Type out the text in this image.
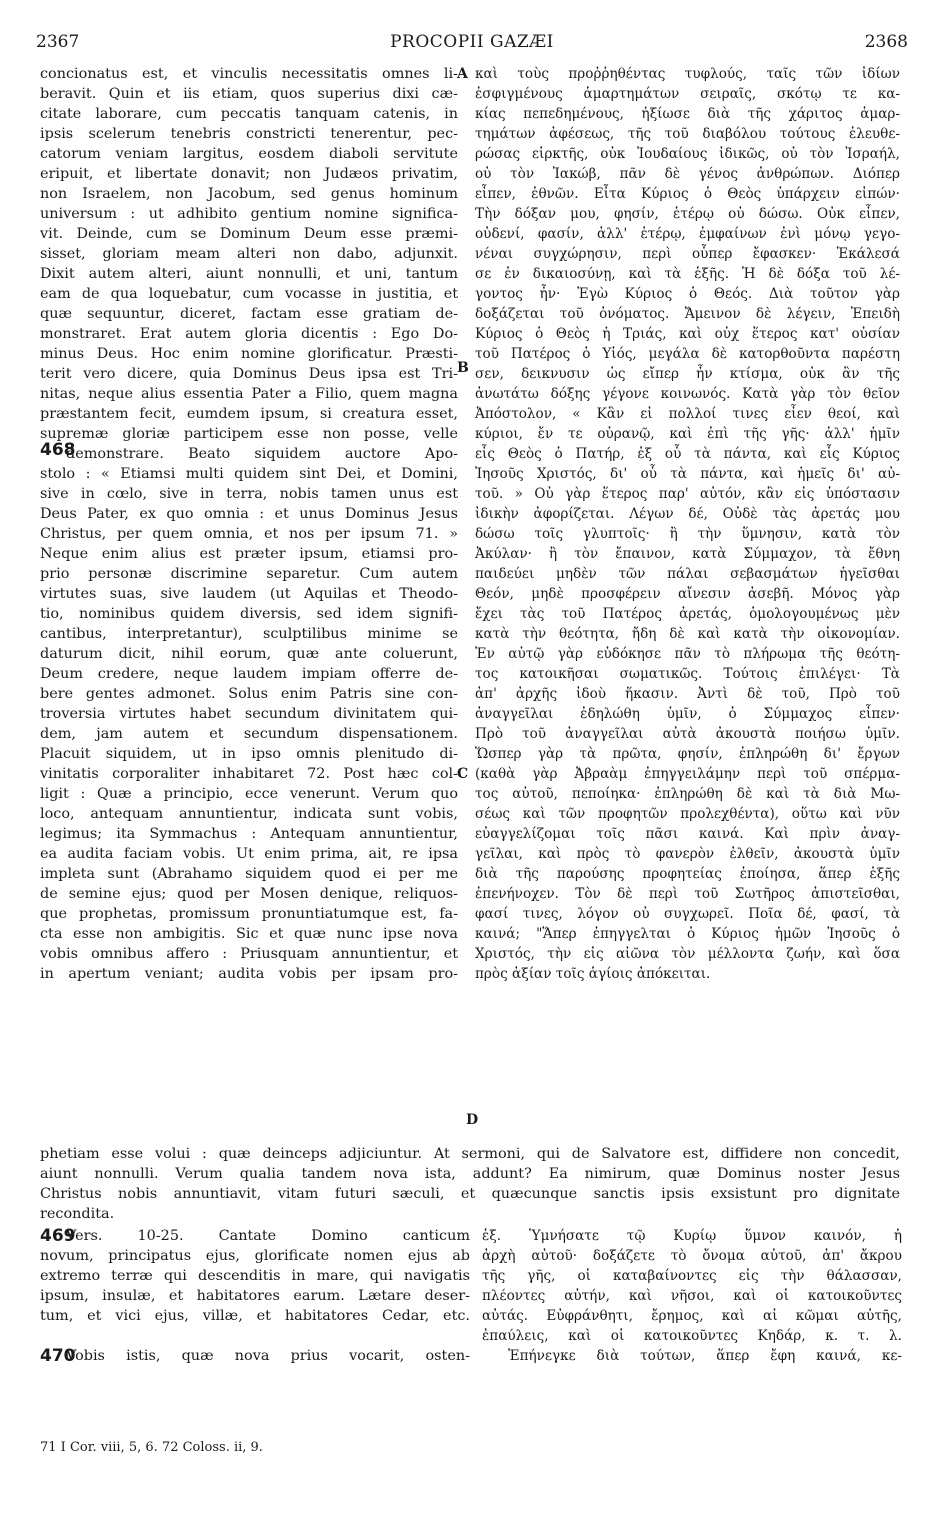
2367	PROCOPII GAZÆI	2368
concionatus est, et vinculis necessitatis omnes li-
beravit. Quin et iis etiam, quos superius dixi cæ-
citate laborare, cum peccatis tanquam catenis, in
ipsis scelerum tenebris constricti tenerentur, pec-
catorum veniam largitus, eosdem diaboli servitute
eripuit, et libertate donavit; non Judæos privatim,
non Israelem, non Jacobum, sed genus hominum
universum : ut adhibito gentium nomine significa-
vit. Deinde, cum se Dominum Deum esse præmi-
sisset, gloriam meam alteri non dabo, adjunxit.
Dixit autem alteri, aiunt nonnulli, et uni, tantum
eam de qua loquebatur, cum vocasse in justitia, et
quæ sequuntur, diceret, factam esse gratiam de-
monstraret. Erat autem gloria dicentis : Ego Do-
minus Deus. Hoc enim nomine glorificatur. Præsti-
terit vero dicere, quia Dominus Deus ipsa est Tri-
nitas, neque alius essentia Pater a Filio, quem magna
præstantem fecit, eumdem ipsum, si creatura esset,
supremæ gloriæ participem esse non posse, velle
demonstrare. Beato siquidem auctore Apo-
stolo : « Etiamsi multi quidem sint Dei, et Domini,
sive in cœlo, sive in terra, nobis tamen unus est
Deus Pater, ex quo omnia : et unus Dominus Jesus
Christus, per quem omnia, et nos per ipsum 71. »
Neque enim alius est præter ipsum, etiamsi pro-
prio personæ discrimine separetur. Cum autem
virtutes suas, sive laudem (ut Aquilas et Theodo-
tio, nominibus quidem diversis, sed idem signifi-
cantibus, interpretantur), sculptilibus minime se
daturum dicit, nihil eorum, quæ ante coluerunt,
Deum credere, neque laudem impiam offerre de-
bere gentes admonet. Solus enim Patris sine con-
troversia virtutes habet secundum divinitatem qui-
dem, jam autem et secundum dispensationem.
Placuit siquidem, ut in ipso omnis plenitudo di-
vinitatis corporaliter inhabitaret 72. Post hæc col-
ligit : Quæ a principio, ecce venerunt. Verum quo
loco, antequam annuntientur, indicata sunt vobis,
legimus; ita Symmachus : Antequam annuntientur,
ea audita faciam vobis. Ut enim prima, ait, re ipsa
impleta sunt (Abrahamo siquidem quod ei per me
de semine ejus; quod per Mosen denique, reliquos-
que prophetas, promissum pronuntiatumque est, fa-
cta esse non ambigitis. Sic et quæ nunc ipse nova
vobis omnibus affero : Priusquam annuntientur, et
in apertum veniant; audita vobis per ipsam pro-
καὶ τοὺς προῤῥηθέντας τυφλούς, ταῖς τῶν ἰδίων
ἐσφιγμένους ἁμαρτημάτων σειραῖς, σκότῳ τε κα-
κίας πεπεδημένους, ἠξίωσε διὰ τῆς χάριτος ἁμαρ-
τημάτων ἀφέσεως, τῆς τοῦ διαβόλου τούτους ἐλευθε-
ρώσας εἱρκτῆς, οὐκ Ἰουδαίους ἰδικῶς, οὐ τὸν Ἰσραήλ,
οὐ τὸν Ἰακώβ, πᾶν δὲ γένος ἀνθρώπων. Διόπερ
εἶπεν, ἐθνῶν. Εἶτα Κύριος ὁ Θεὸς ὑπάρχειν εἰπών·
Τὴν δόξαν μου, φησίν, ἑτέρῳ οὐ δώσω. Οὐκ εἶπεν,
οὐδενί, φασίν, ἀλλ' ἑτέρῳ, ἐμφαίνων ἐνὶ μόνῳ γεγο-
νέναι συγχώρησιν, περὶ οὗπερ ἔφασκεν· Ἐκάλεσά
σε ἐν δικαιοσύνῃ, καὶ τὰ ἑξῆς. Ἡ δὲ δόξα τοῦ λέ-
γοντος ἦν· Ἐγὼ Κύριος ὁ Θεός. Διὰ τοῦτον γὰρ
δοξάζεται τοῦ ὀνόματος. Ἄμεινον δὲ λέγειν, Ἐπειδὴ
Κύριος ὁ Θεὸς ἡ Τριάς, καὶ οὐχ ἕτερος κατ' οὐσίαν
τοῦ Πατέρος ὁ Υἱός, μεγάλα δὲ κατορθοῦντα παρέστη
σεν, δεικνυσιν ὡς εἴπερ ἦν κτίσμα, οὐκ ἂν τῆς
ἀνωτάτω δόξης γέγονε κοινωνός. Κατὰ γὰρ τὸν θεῖον
Ἀπόστολον, « Κἂν εἰ πολλοί τινες εἶεν θεοί, καὶ
κύριοι, ἔν τε οὐρανῷ, καὶ ἐπὶ τῆς γῆς· ἀλλ' ἡμῖν
εἷς Θεὸς ὁ Πατήρ, ἐξ οὗ τὰ πάντα, καὶ εἷς Κύριος
Ἰησοῦς Χριστός, δι' οὗ τὰ πάντα, καὶ ἡμεῖς δι' αὐ-
τοῦ. » Οὐ γὰρ ἕτερος παρ' αὐτόν, κἂν εἰς ὑπόστασιν
ἰδικὴν ἀφορίζεται. Λέγων δέ, Οὐδὲ τὰς ἀρετάς μου
δώσω τοῖς γλυπτοῖς· ἢ τὴν ὕμνησιν, κατὰ τὸν
Ἀκύλαν· ἢ τὸν ἔπαινον, κατὰ Σύμμαχον, τὰ ἔθνη
παιδεύει μηδὲν τῶν πάλαι σεβασμάτων ἡγεῖσθαι
Θεόν, μηδὲ προσφέρειν αἴνεσιν ἀσεβῆ. Μόνος γὰρ
ἔχει τὰς τοῦ Πατέρος ἀρετάς, ὁμολογουμένως μὲν
κατὰ τὴν θεότητα, ἤδη δὲ καὶ κατὰ τὴν οἰκονομίαν.
Ἐν αὐτῷ γὰρ εὐδόκησε πᾶν τὸ πλήρωμα τῆς θεότη-
τος κατοικῆσαι σωματικῶς. Τούτοις ἐπιλέγει· Τὰ
ἀπ' ἀρχῆς ἰδοὺ ἥκασιν. Ἀντὶ δὲ τοῦ, Πρὸ τοῦ
ἀναγγεῖλαι ἐδηλώθη ὑμῖν, ὁ Σύμμαχος εἶπεν·
Πρὸ τοῦ ἀναγγεῖλαι αὐτὰ ἀκουστὰ ποιήσω ὑμῖν.
Ὥσπερ γὰρ τὰ πρῶτα, φησίν, ἐπληρώθη δι' ἔργων
(καθὰ γὰρ Ἀβραὰμ ἐπηγγειλάμην περὶ τοῦ σπέρμα-
τος αὐτοῦ, πεποίηκα· ἐπληρώθη δὲ καὶ τὰ διὰ Μω-
σέως καὶ τῶν προφητῶν προλεχθέντα), οὕτω καὶ νῦν
εὐαγγελίζομαι τοῖς πᾶσι καινά. Καὶ πρὶν ἀναγ-
γεῖλαι, καὶ πρὸς τὸ φανερὸν ἐλθεῖν, ἀκουστὰ ὑμῖν
διὰ τῆς παρούσης προφητείας ἐποίησα, ἅπερ ἑξῆς
ἐπενήνοχεν. Τὸν δὲ περὶ τοῦ Σωτῆρος ἀπιστεῖσθαι,
φασί τινες, λόγον οὐ συγχωρεῖ. Ποῖα δέ, φασί, τὰ
καινά; "Ἅπερ ἐπηγγελται ὁ Κύριος ἡμῶν Ἰησοῦς ὁ
Χριστός, τὴν εἰς αἰῶνα τὸν μέλλοντα ζωήν, καὶ ὅσα
πρὸς ἀξίαν τοῖς ἁγίοις ἀπόκειται.
A
B
C
D
468
phetiam esse volui : quæ deinceps adjiciuntur. At sermoni, qui de Salvatore est, diffidere non concedit,
aiunt nonnulli. Verum qualia tandem nova ista, addunt? Ea nimirum, quæ Dominus noster Jesus
Christus nobis annuntiavit, vitam futuri sæculi, et quæcunque sanctis ipsis exsistunt pro dignitate
recondita.
469
Vers. 10-25. Cantate Domino canticum
novum, principatus ejus, glorificate nomen ejus ab
extremo terræ qui descenditis in mare, qui navigatis
ipsum, insulæ, et habitatores earum. Lætare deser-
tum, et vici ejus, villæ, et habitatores Cedar, etc.
Vobis istis, quæ nova prius vocarit, osten-
ἑξ. Ὑμνήσατε τῷ Κυρίῳ ὕμνον καινόν, ἡ
ἀρχὴ αὐτοῦ· δοξάζετε τὸ ὄνομα αὐτοῦ, ἀπ' ἄκρου
τῆς γῆς, οἱ καταβαίνοντες εἰς τὴν θάλασσαν,
πλέοντες αὐτήν, καὶ νῆσοι, καὶ οἱ κατοικοῦντες
αὐτάς. Εὐφράνθητι, ἔρημος, καὶ αἱ κῶμαι αὐτῆς,
ἐπαύλεις, καὶ οἱ κατοικοῦντες Κηδάρ, κ. τ. λ.
Ἐπήνεγκε διὰ τούτων, ἅπερ ἔφη καινά, κε-
470
71 I Cor. viii, 5, 6. 72 Coloss. ii, 9.
